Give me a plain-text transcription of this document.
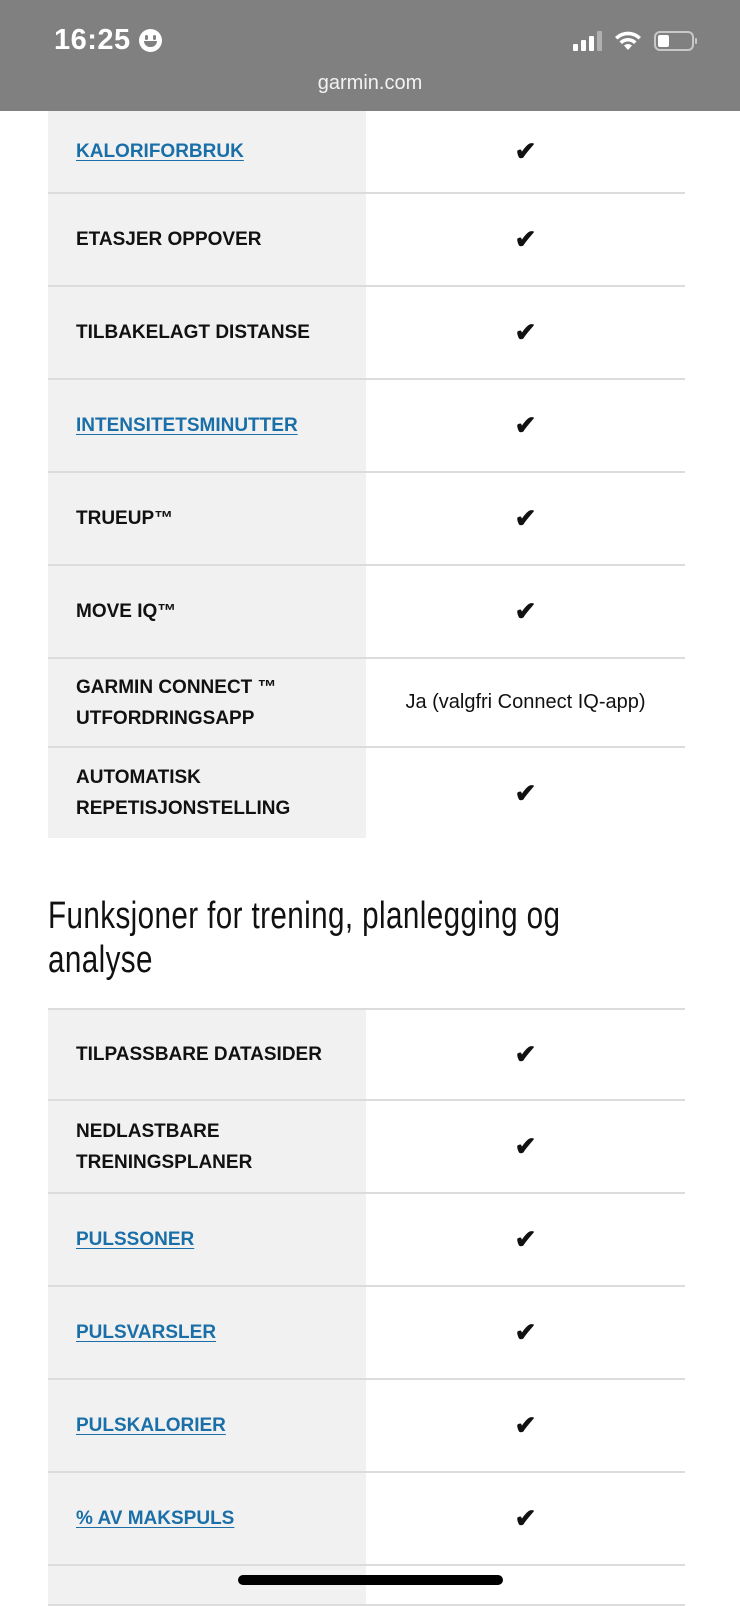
16:25
garmin.com
KALORIFORBRUK	✔
ETASJER OPPOVER	✔
TILBAKELAGT DISTANSE	✔
INTENSITETSMINUTTER	✔
TRUEUP™	✔
MOVE IQ™	✔
GARMIN CONNECT ™ UTFORDRINGSAPP	Ja (valgfri Connect IQ-app)
AUTOMATISK REPETISJONSTELLING	✔
Funksjoner for trening, planlegging og analyse
TILPASSBARE DATASIDER	✔
NEDLASTBARE TRENINGSPLANER	✔
PULSSONER	✔
PULSVARSLER	✔
PULSKALORIER	✔
% AV MAKSPULS	✔
